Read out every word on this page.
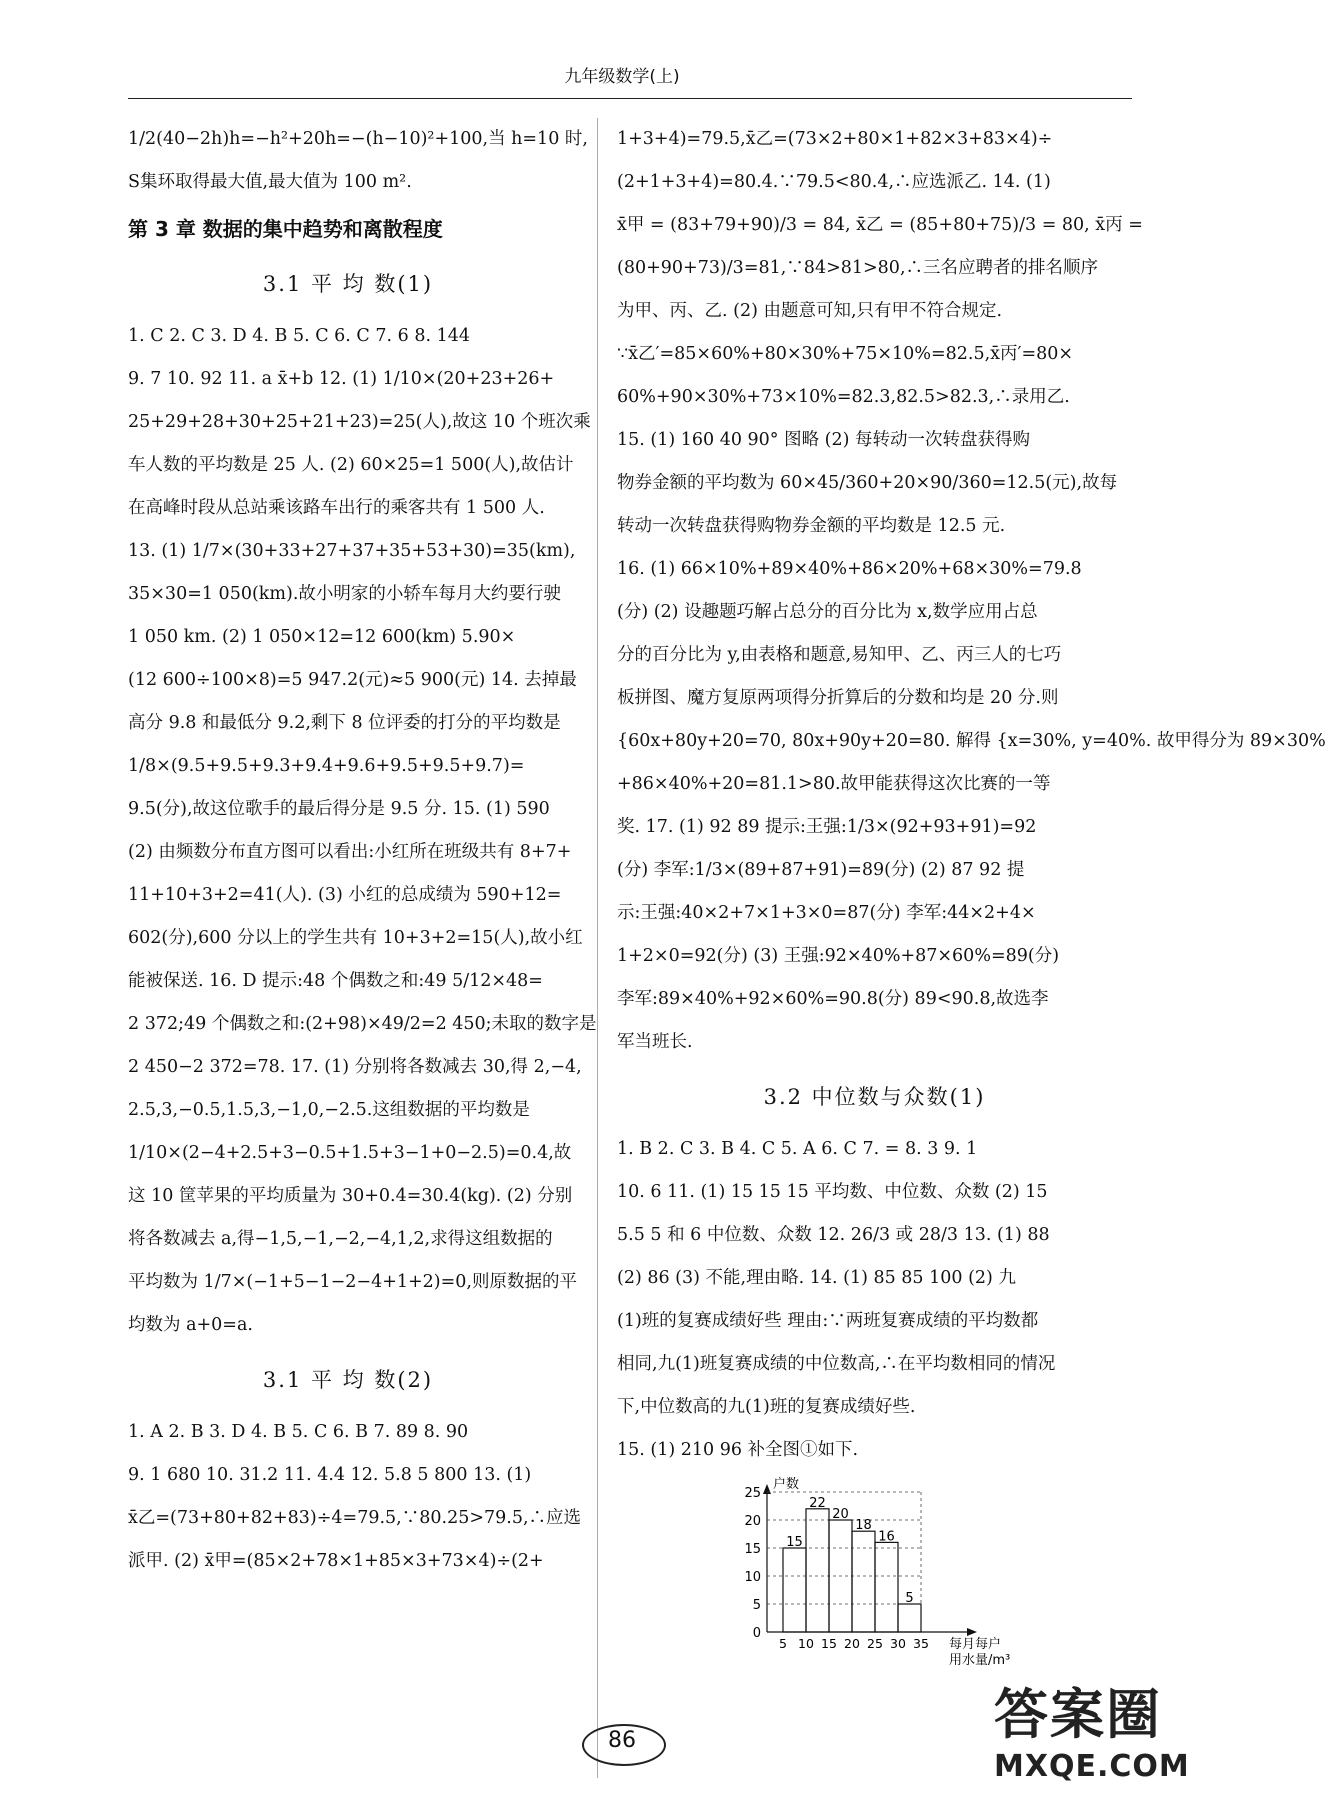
九年级数学(上)
1/2(40−2h)h=−h²+20h=−(h−10)²+100,当 h=10 时,
S集环取得最大值,最大值为 100 m².
第 3 章 数据的集中趋势和离散程度
3.1 平 均 数(1)
1. C 2. C 3. D 4. B 5. C 6. C 7. 6 8. 144
9. 7 10. 92 11. a x̄+b 12. (1) 1/10×(20+23+26+
25+29+28+30+25+21+23)=25(人),故这 10 个班次乘
车人数的平均数是 25 人. (2) 60×25=1 500(人),故估计
在高峰时段从总站乘该路车出行的乘客共有 1 500 人.
13. (1) 1/7×(30+33+27+37+35+53+30)=35(km),
35×30=1 050(km).故小明家的小轿车每月大约要行驶
1 050 km. (2) 1 050×12=12 600(km) 5.90×
(12 600÷100×8)=5 947.2(元)≈5 900(元) 14. 去掉最
高分 9.8 和最低分 9.2,剩下 8 位评委的打分的平均数是
1/8×(9.5+9.5+9.3+9.4+9.6+9.5+9.5+9.7)=
9.5(分),故这位歌手的最后得分是 9.5 分. 15. (1) 590
(2) 由频数分布直方图可以看出:小红所在班级共有 8+7+
11+10+3+2=41(人). (3) 小红的总成绩为 590+12=
602(分),600 分以上的学生共有 10+3+2=15(人),故小红
能被保送. 16. D 提示:48 个偶数之和:49 5/12×48=
2 372;49 个偶数之和:(2+98)×49/2=2 450;未取的数字是
2 450−2 372=78. 17. (1) 分别将各数减去 30,得 2,−4,
2.5,3,−0.5,1.5,3,−1,0,−2.5.这组数据的平均数是
1/10×(2−4+2.5+3−0.5+1.5+3−1+0−2.5)=0.4,故
这 10 筐苹果的平均质量为 30+0.4=30.4(kg). (2) 分别
将各数减去 a,得−1,5,−1,−2,−4,1,2,求得这组数据的
平均数为 1/7×(−1+5−1−2−4+1+2)=0,则原数据的平
均数为 a+0=a.
3.1 平 均 数(2)
1. A 2. B 3. D 4. B 5. C 6. B 7. 89 8. 90
9. 1 680 10. 31.2 11. 4.4 12. 5.8 5 800 13. (1)
x̄乙=(73+80+82+83)÷4=79.5,∵80.25>79.5,∴应选
派甲. (2) x̄甲=(85×2+78×1+85×3+73×4)÷(2+
1+3+4)=79.5,x̄乙=(73×2+80×1+82×3+83×4)÷
(2+1+3+4)=80.4.∵79.5<80.4,∴应选派乙. 14. (1)
x̄甲 = (83+79+90)/3 = 84, x̄乙 = (85+80+75)/3 = 80, x̄丙 =
(80+90+73)/3=81,∵84>81>80,∴三名应聘者的排名顺序
为甲、丙、乙. (2) 由题意可知,只有甲不符合规定.
∵x̄乙′=85×60%+80×30%+75×10%=82.5,x̄丙′=80×
60%+90×30%+73×10%=82.3,82.5>82.3,∴录用乙.
15. (1) 160 40 90° 图略 (2) 每转动一次转盘获得购
物券金额的平均数为 60×45/360+20×90/360=12.5(元),故每
转动一次转盘获得购物券金额的平均数是 12.5 元.
16. (1) 66×10%+89×40%+86×20%+68×30%=79.8
(分) (2) 设趣题巧解占总分的百分比为 x,数学应用占总
分的百分比为 y,由表格和题意,易知甲、乙、丙三人的七巧
板拼图、魔方复原两项得分折算后的分数和均是 20 分.则
{60x+80y+20=70, 80x+90y+20=80. 解得 {x=30%, y=40%. 故甲得分为 89×30%
+86×40%+20=81.1>80.故甲能获得这次比赛的一等
奖. 17. (1) 92 89 提示:王强:1/3×(92+93+91)=92
(分) 李军:1/3×(89+87+91)=89(分) (2) 87 92 提
示:王强:40×2+7×1+3×0=87(分) 李军:44×2+4×
1+2×0=92(分) (3) 王强:92×40%+87×60%=89(分)
李军:89×40%+92×60%=90.8(分) 89<90.8,故选李
军当班长.
3.2 中位数与众数(1)
1. B 2. C 3. B 4. C 5. A 6. C 7. = 8. 3 9. 1
10. 6 11. (1) 15 15 15 平均数、中位数、众数 (2) 15
5.5 5 和 6 中位数、众数 12. 26/3 或 28/3 13. (1) 88
(2) 86 (3) 不能,理由略. 14. (1) 85 85 100 (2) 九
(1)班的复赛成绩好些 理由:∵两班复赛成绩的平均数都
相同,九(1)班复赛成绩的中位数高,∴在平均数相同的情况
下,中位数高的九(1)班的复赛成绩好些.
15. (1) 210 96 补全图①如下.
0
5
10
15
20
25
5 10 15 20 25 30 35
15
22
20
18
16
5
户数
每月每户
用水量/m³
86	答案圈
MXQE.COM
